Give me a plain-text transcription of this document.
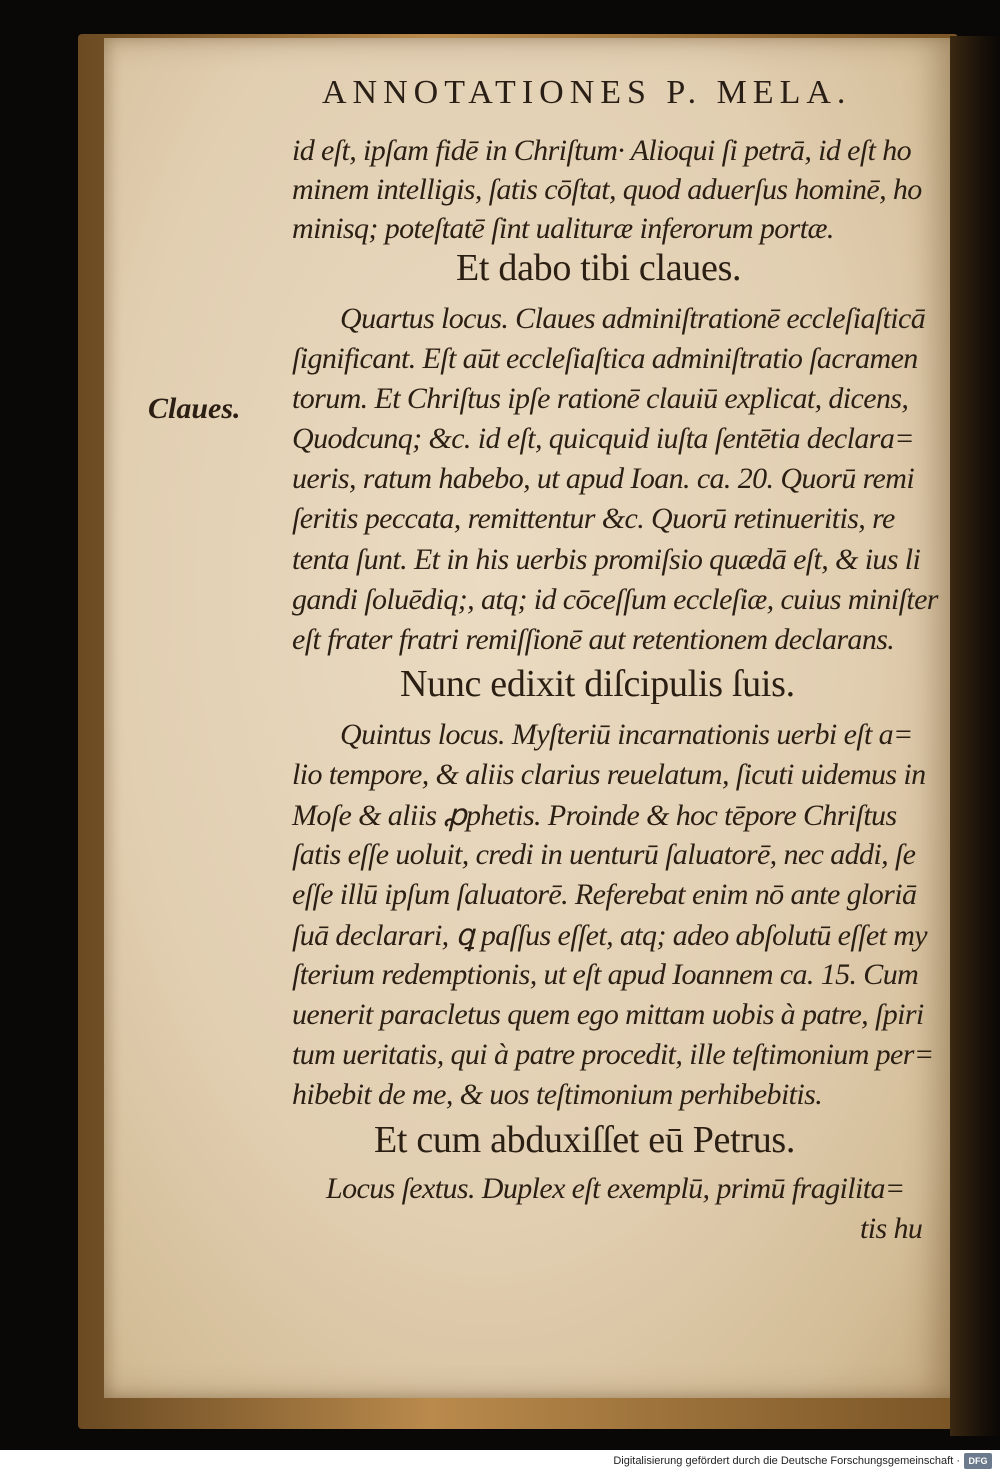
ANNOTATIONES P. MELA.
Claues.
id eſt, ipſam fidē in Chriſtum· Alioqui ſi petrā, id eſt ho
minem intelligis, ſatis cōſtat, quod aduerſus hominē, ho
minisq; poteſtatē ſint ualituræ inferorum portæ.
Et dabo tibi claues.
Quartus locus. Claues adminiſtrationē eccleſiaſticā
ſignificant. Eſt aūt eccleſiaſtica adminiſtratio ſacramen
torum. Et Chriſtus ipſe rationē clauiū explicat, dicens,
Quodcunq; &c. id eſt, quicquid iuſta ſentētia declara=
ueris, ratum habebo, ut apud Ioan. ca. 20. Quorū remi
ſeritis peccata, remittentur &c. Quorū retinueritis, re
tenta ſunt. Et in his uerbis promiſsio quædā eſt, & ius li
gandi ſoluēdiq;, atq; id cōceſſum eccleſiæ, cuius miniſter
eſt frater fratri remiſſionē aut retentionem declarans.
Nunc edixit diſcipulis ſuis.
Quintus locus. Myſteriū incarnationis uerbi eſt a=
lio tempore, & aliis clarius reuelatum, ſicuti uidemus in
Moſe & aliis ꝓphetis. Proinde & hoc tēpore Chriſtus
ſatis eſſe uoluit, credi in uenturū ſaluatorē, nec addi, ſe
eſſe illū ipſum ſaluatorē. Referebat enim nō ante gloriā
ſuā declarari, ꝗ paſſus eſſet, atq; adeo abſolutū eſſet my
ſterium redemptionis, ut eſt apud Ioannem ca. 15. Cum
uenerit paracletus quem ego mittam uobis à patre, ſpiri
tum ueritatis, qui à patre procedit, ille teſtimonium per=
hibebit de me, & uos teſtimonium perhibebitis.
Et cum abduxiſſet eū Petrus.
Locus ſextus. Duplex eſt exemplū, primū fragilita=
tis hu
Digitalisierung gefördert durch die Deutsche Forschungsgemeinschaft · DFG
